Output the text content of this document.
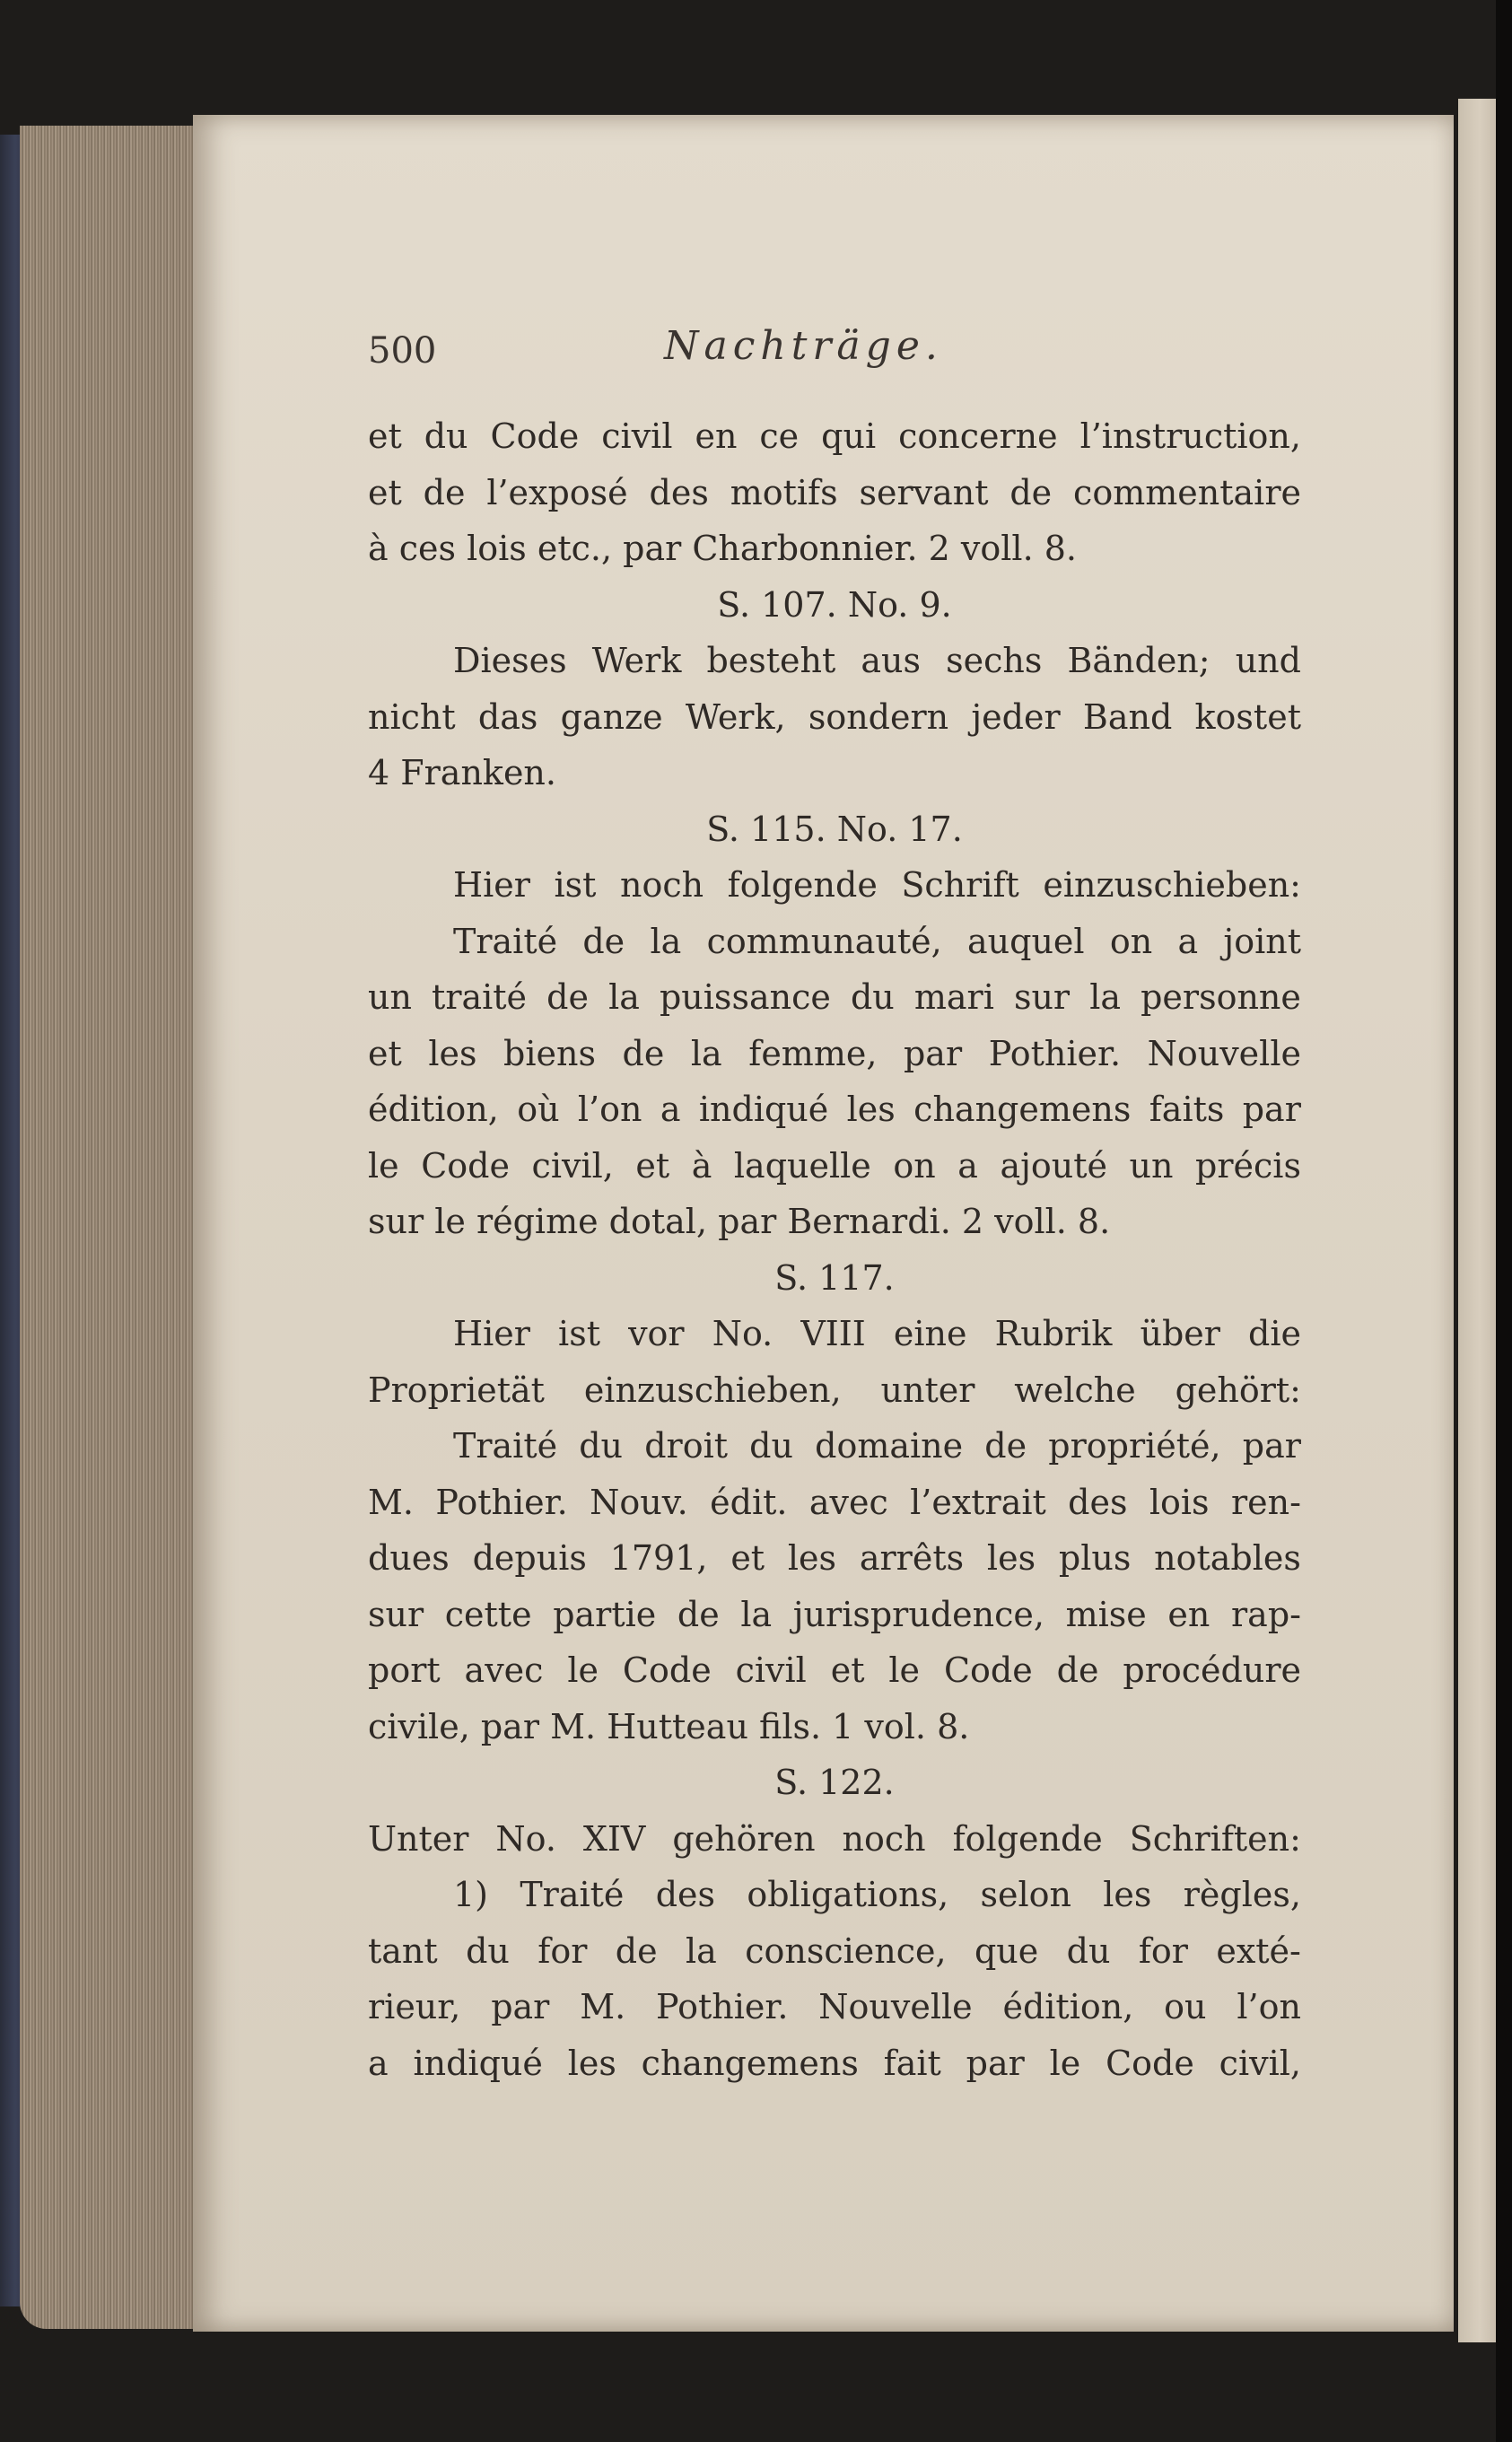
500	Nachträge.
et du Code civil en ce qui concerne l’instruction,
et de l’exposé des motifs servant de commentaire
à ces lois etc., par Charbonnier. 2 voll. 8.
S. 107. No. 9.
Dieses Werk besteht aus sechs Bänden; und
nicht das ganze Werk, sondern jeder Band kostet
4 Franken.
S. 115. No. 17.
Hier ist noch folgende Schrift einzuschieben:
Traité de la communauté, auquel on a joint
un traité de la puissance du mari sur la personne
et les biens de la femme, par Pothier. Nouvelle
édition, où l’on a indiqué les changemens faits par
le Code civil, et à laquelle on a ajouté un précis
sur le régime dotal, par Bernardi. 2 voll. 8.
S. 117.
Hier ist vor No. VIII eine Rubrik über die
Proprietät einzuschieben, unter welche gehört:
Traité du droit du domaine de propriété, par
M. Pothier. Nouv. édit. avec l’extrait des lois ren-
dues depuis 1791, et les arrêts les plus notables
sur cette partie de la jurisprudence, mise en rap-
port avec le Code civil et le Code de procédure
civile, par M. Hutteau fils. 1 vol. 8.
S. 122.
Unter No. XIV gehören noch folgende Schriften:
1) Traité des obligations, selon les règles,
tant du for de la conscience, que du for exté-
rieur, par M. Pothier. Nouvelle édition, ou l’on
a indiqué les changemens fait par le Code civil,
